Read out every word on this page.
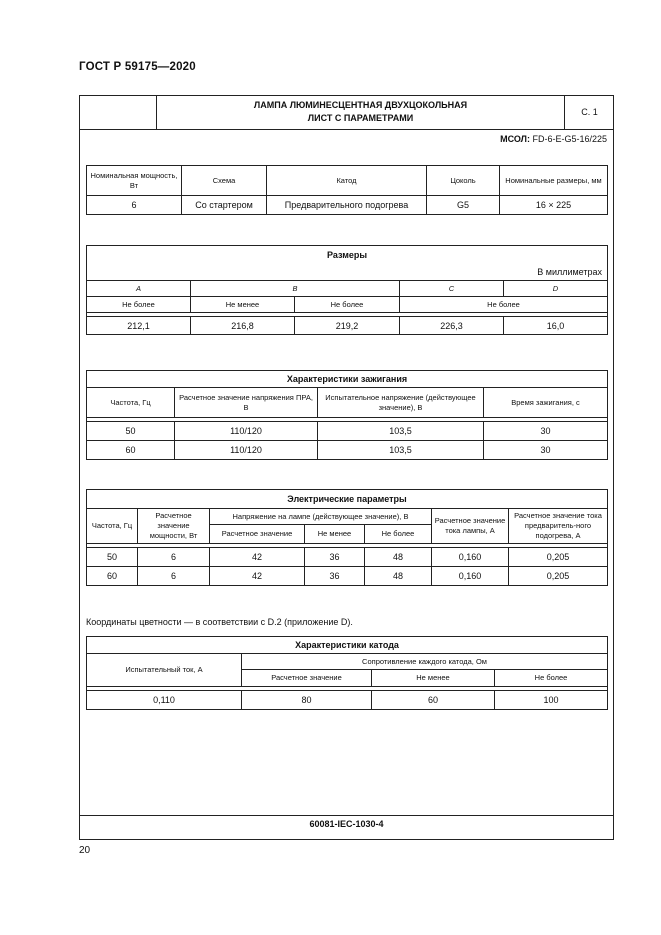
ГОСТ Р 59175—2020
ЛАМПА ЛЮМИНЕСЦЕНТНАЯ ДВУХЦОКОЛЬНАЯ
ЛИСТ С ПАРАМЕТРАМИ
С. 1
МСОЛ: FD-6-E-G5-16/225
Номинальная мощность, Вт	Схема	Катод	Цоколь	Номинальные размеры, мм
6	Со стартером	Предварительного подогрева	G5	16 × 225
Размеры				
В миллиметрах				
A	B		C	D
Не более	Не менее	Не более	Не более	

212,1	216,8	219,2	226,3	16,0
Характеристики зажигания			
Частота, Гц	Расчетное значение напряжения ПРА, В	Испытательное напряжение (действующее значение), В	Время зажигания, с

50	110/120	103,5	30
60	110/120	103,5	30
Электрические параметры						
Частота, Гц	Расчетное значение мощности, Вт	Напряжение на лампе (действующее значение), В			Расчетное значение тока лампы, А	Расчетное значение тока предваритель-ного подогрева, А
		Расчетное значение	Не менее	Не более		

50	6	42	36	48	0,160	0,205
60	6	42	36	48	0,160	0,205
Координаты цветности — в соответствии с D.2 (приложение D).
Характеристики катода			
Испытательный ток, А	Сопротивление каждого катода, Ом		
	Расчетное значение	Не менее	Не более

0,110	80	60	100
60081-IEC-1030-4
20
